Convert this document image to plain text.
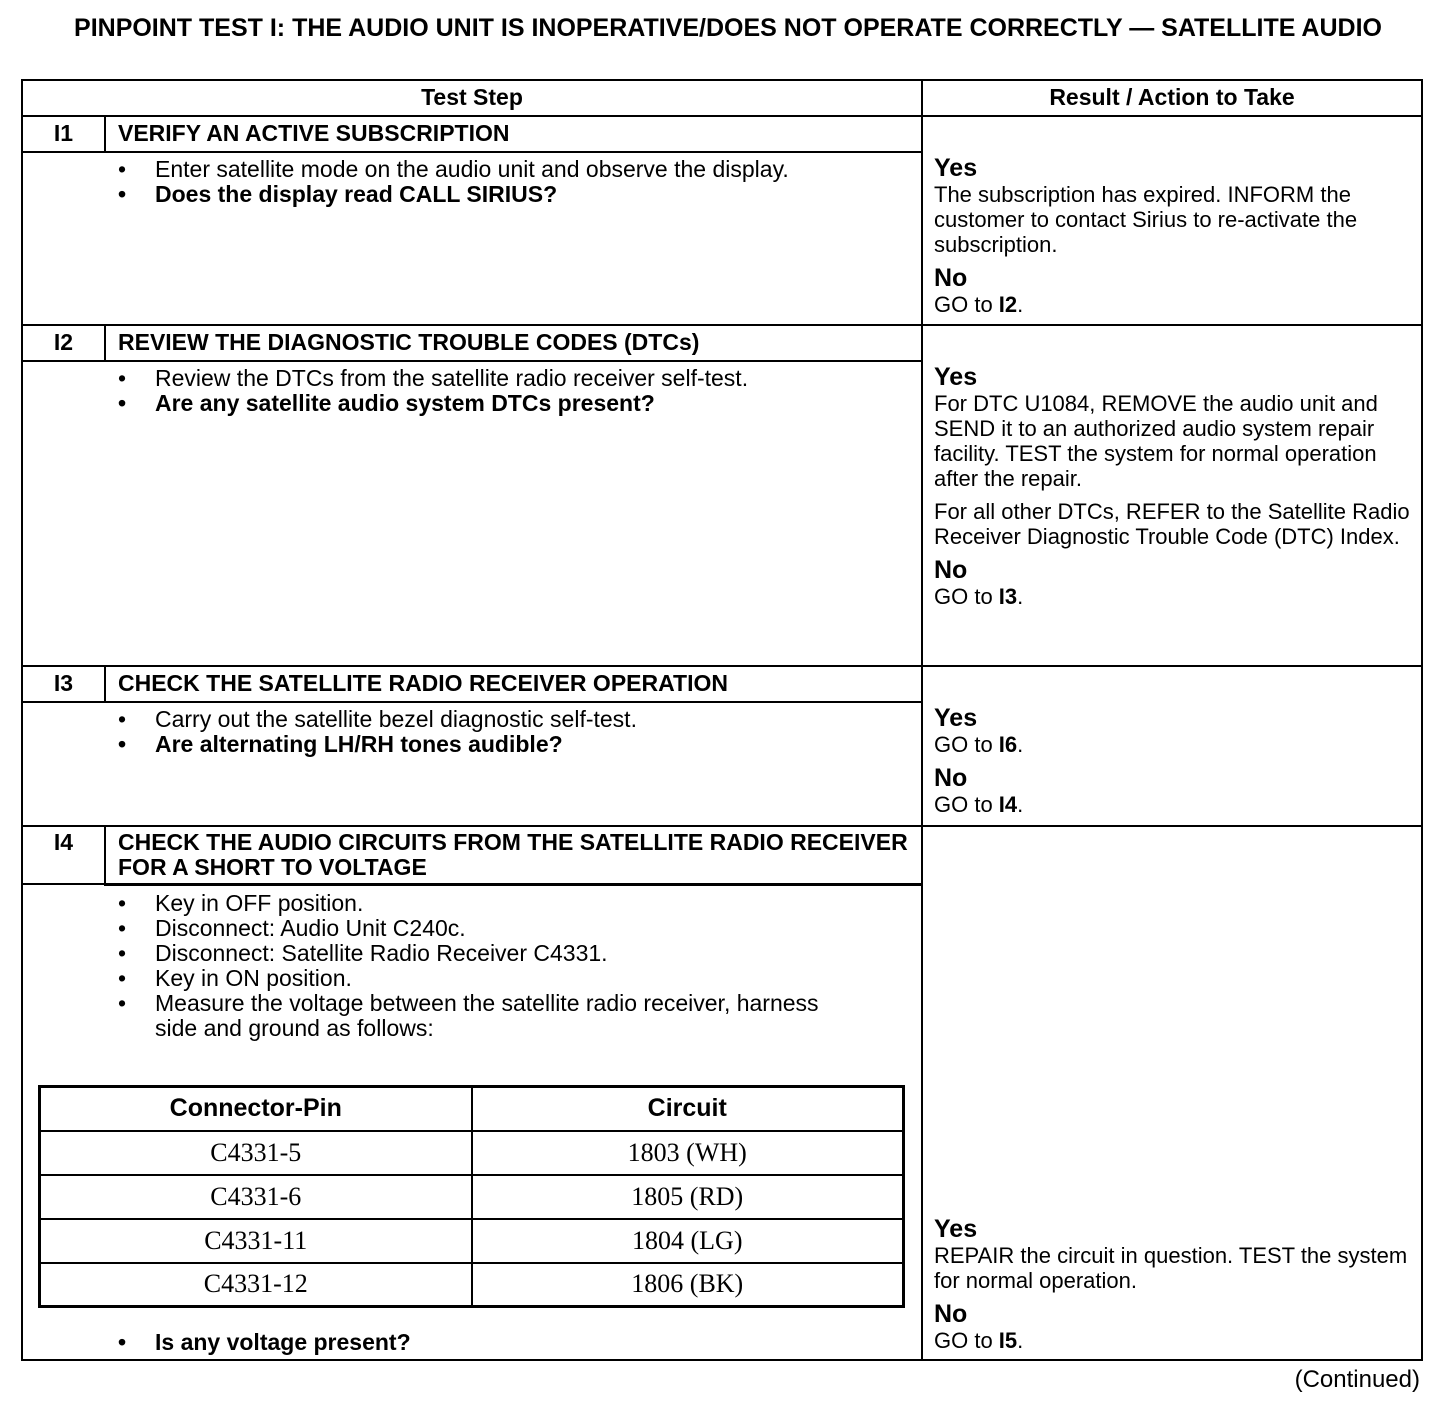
PINPOINT TEST I: THE AUDIO UNIT IS INOPERATIVE/DOES NOT OPERATE CORRECTLY — SATELLITE AUDIO
Test Step	Result / Action to Take
I1	VERIFY AN ACTIVE SUBSCRIPTION
• Enter satellite mode on the audio unit and observe the display.
• Does the display read CALL SIRIUS?
Yes

The subscription has expired. INFORM the customer to contact Sirius to re-activate the subscription.

No

GO to I2.

I2	REVIEW THE DIAGNOSTIC TROUBLE CODES (DTCs)
• Review the DTCs from the satellite radio receiver self-test.
• Are any satellite audio system DTCs present?
Yes

For DTC U1084, REMOVE the audio unit and SEND it to an authorized audio system repair facility. TEST the system for normal operation after the repair.

For all other DTCs, REFER to the Satellite Radio Receiver Diagnostic Trouble Code (DTC) Index.

No

GO to I3.

I3	CHECK THE SATELLITE RADIO RECEIVER OPERATION
• Carry out the satellite bezel diagnostic self-test.
• Are alternating LH/RH tones audible?
Yes

GO to I6.

No

GO to I4.

I4	CHECK THE AUDIO CIRCUITS FROM THE SATELLITE RADIO RECEIVER FOR A SHORT TO VOLTAGE
• Key in OFF position.
• Disconnect: Audio Unit C240c.
• Disconnect: Satellite Radio Receiver C4331.
• Key in ON position.
• Measure the voltage between the satellite radio receiver, harness side and ground as follows:
Connector-Pin	Circuit
C4331-5	1803 (WH)
C4331-6	1805 (RD)
C4331-11	1804 (LG)
C4331-12	1806 (BK)
• Is any voltage present?
Yes

REPAIR the circuit in question. TEST the system for normal operation.

No

GO to I5.

(Continued)
